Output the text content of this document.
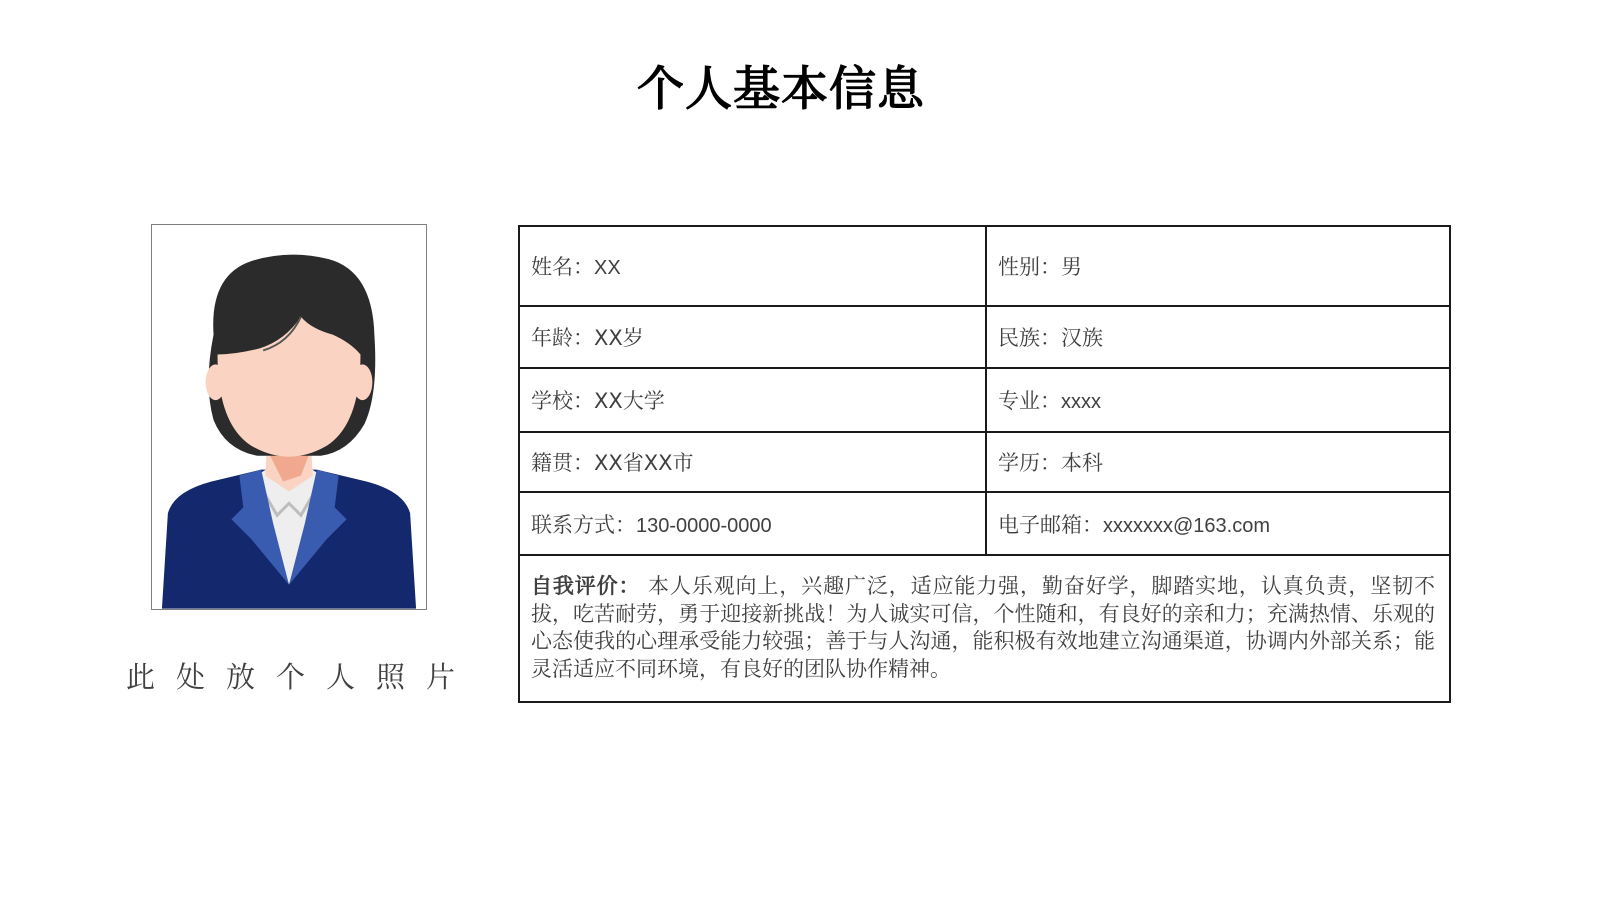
个人基本信息
此处放个人照片
姓名：XX	性别：男
年龄：XX岁	民族：汉族
学校：XX大学	专业：xxxx
籍贯：XX省XX市	学历：本科
联系方式：130-0000-0000	电子邮箱：xxxxxxx@163.com
自我评价： 本人乐观向上，兴趣广泛，适应能力强，勤奋好学，脚踏实地，认真负责，坚韧不拔，吃苦耐劳，勇于迎接新挑战！为人诚实可信，个性随和，有良好的亲和力；充满热情、乐观的心态使我的心理承受能力较强；善于与人沟通，能积极有效地建立沟通渠道，协调内外部关系；能灵活适应不同环境，有良好的团队协作精神。	
